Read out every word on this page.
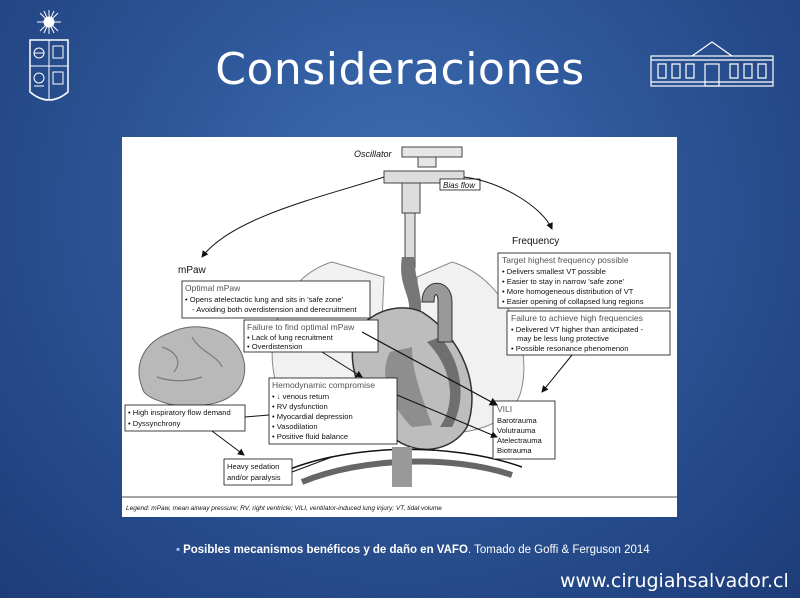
Consideraciones
Oscillator
Bias flow
Frequency
mPaw
Optimal mPaw
• Opens atelectactic lung and sits in 'safe zone'
- Avoiding both overdistension and derecruitment
Failure to find optimal mPaw
• Lack of lung recruitment
• Overdistension
Target highest frequency possible
• Delivers smallest VT possible
• Easier to stay in narrow 'safe zone'
• More homogeneous distribution of VT
• Easier opening of collapsed lung regions
Failure to achieve high frequencies
• Delivered VT higher than anticipated -
may be less lung protective
• Possible resonance phenomenon
Hemodynamic compromise
• ↓ venous return
• RV dysfunction
• Myocardial depression
• Vasodilation
• Positive fluid balance
VILI
Barotrauma
Volutrauma
Atelectrauma
Biotrauma
• High inspiratory flow demand
• Dyssynchrony
Heavy sedation
and/or paralysis
Legend: mPaw, mean airway pressure; RV, right ventricle; VILI, ventilator-induced lung injury; VT, tidal volume
▪ Posibles mecanismos benéficos y de daño en VAFO. Tomado de Goffi & Ferguson 2014
www.cirugiahsalvador.cl
